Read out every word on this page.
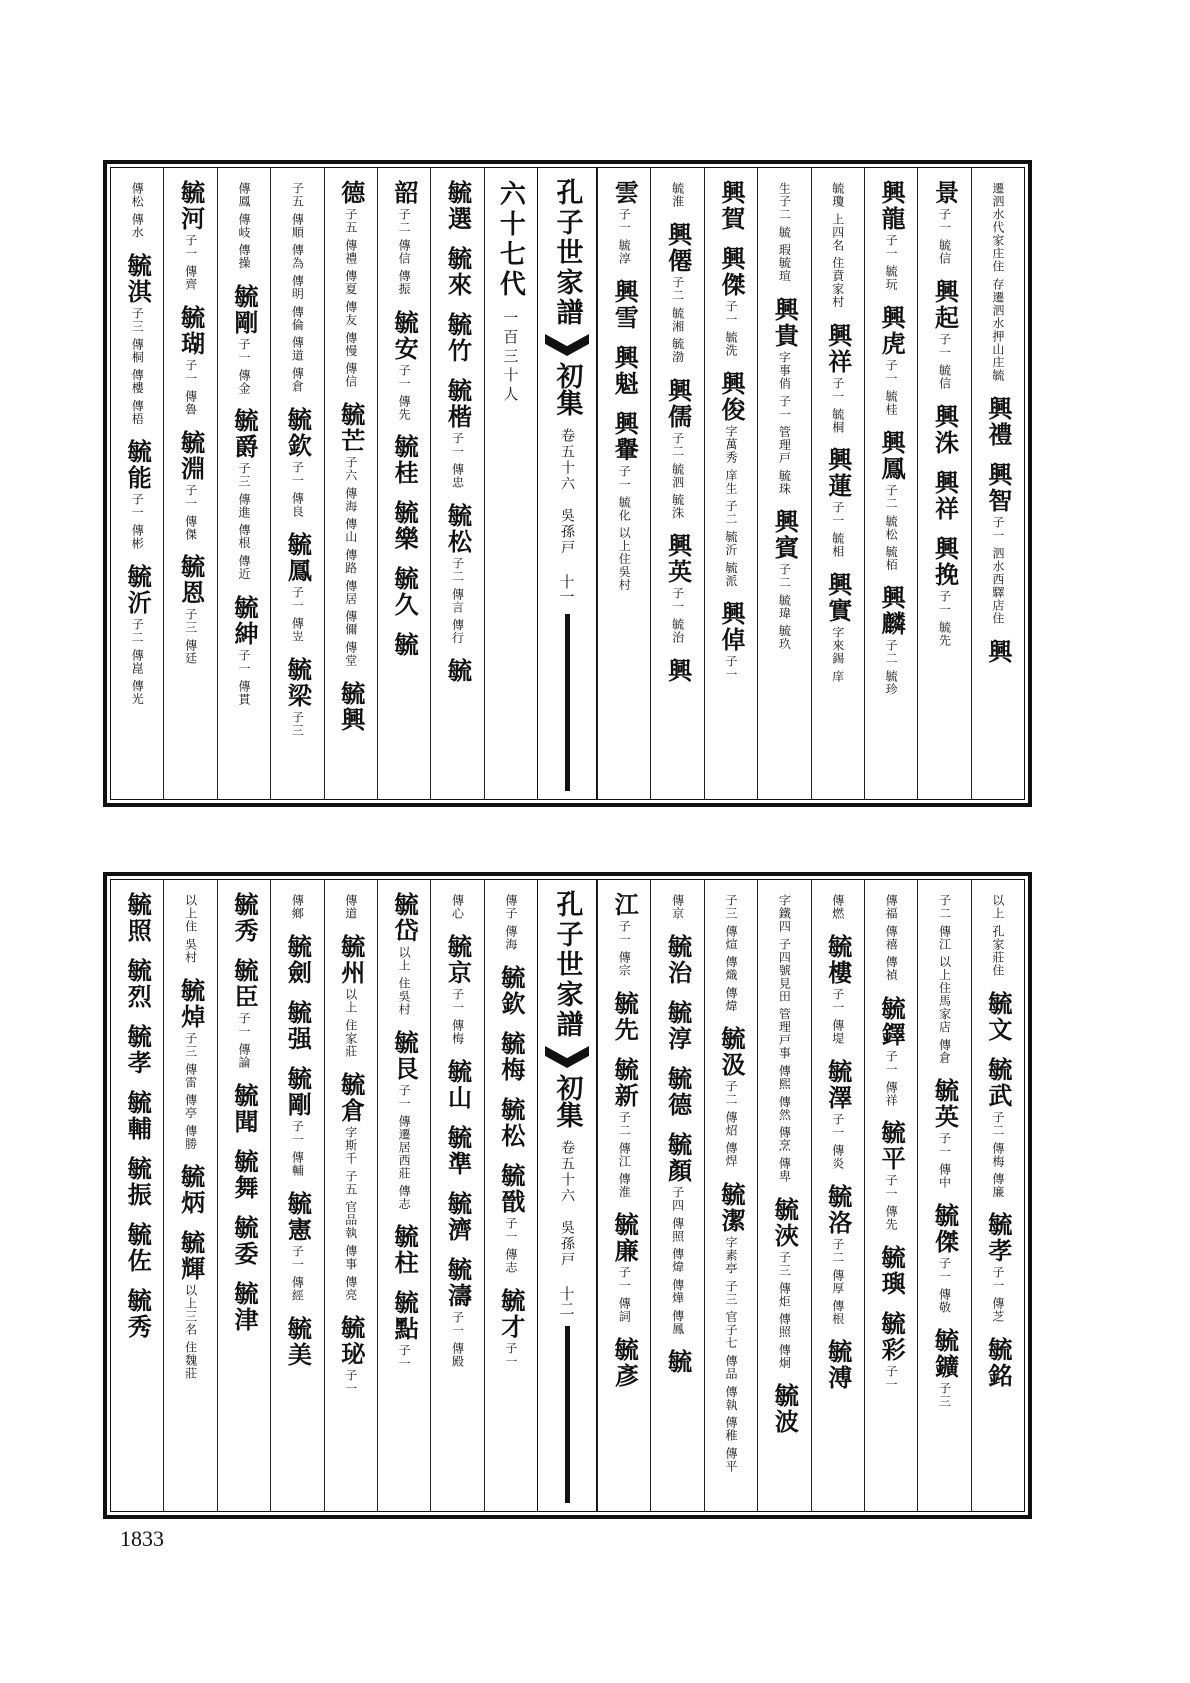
遷泗水代家庄住 存遷泗水押山庄毓
興禮
興智子一 泗水西驛店住
興
景子一 毓信
興起子一 毓信
興洙
興祥
興挽子一 毓先
興龍子一 毓玩
興虎子一 毓桂
興鳳子二 毓松 毓栢
興麟子二 毓珍
毓瓊 上四名 住賁家村
興祥子一 毓桐
興蓮子一 毓相
興實字來錫 庠
生子二 毓 瑕毓瑄
興貴字事俏 子一 管理戸 毓珠
興賓子二 毓瑋 毓玖
興賀
興傑子一 毓洗
興俊字萬秀 庠生 子二 毓沂 毓派
興倬子一
毓淮
興僊子二 毓湘 毓渤
興儒子二 毓泗 毓洙
興英子一 毓治
興
雲子一 毓淳
興雪
興魁
興轝子一 毓化 以上住吳村
孔子世家譜
初集
卷五十六　吳孫戸
十一
六十七代
一百三十人
毓選
毓來
毓竹
毓楷子一 傳忠
毓松子二 傳言 傳行
毓
韶子二 傳信 傳振
毓安子一 傳先
毓桂
毓樂
毓久
毓
德子五 傳禮 傳夏 傳友 傳慢 傳信
毓芒子六 傳海 傳山 傳路 傳居 傳儞 傳堂
毓興
子五 傳順 傳為 傳明 傳倫 傳道 傳倉
毓欽子一 傳良
毓鳳子一 傳岦
毓梁子三
傳鳳 傳岐 傳操
毓剛子一 傳金
毓爵子三 傳進 傳根 傳近
毓紳子一 傳貫
毓河子一 傳齊
毓瑚子一 傳魯
毓淵子一 傳傑
毓恩子三 傳廷
傳松 傳水
毓淇子三 傳桐 傳樓 傳梧
毓能子一 傳彬
毓沂子二 傳崑 傳光
以上 孔家莊住
毓文
毓武子二 傳梅 傳廉
毓孝子一 傳芝
毓銘
子二 傳江 以上住馬家店 傳倉
毓英子一 傳中
毓傑子一 傳敬
毓鑛子三
傳福 傳禧 傳禎
毓鐸子一 傳祥
毓平子一 傳先
毓璵
毓彩子一
傳燃
毓樓子一 傳堤
毓澤子一 傳炎
毓洛子二 傳厚 傳根
毓溥
字鐵四 子四號見田 管理戸事 傳熙 傳然 傳烹 傳卑
毓浹子三 傳炬 傳照 傳炯
毓波
子三 傳煊 傳熾 傳煒
毓汲子二 傳炤 傳焊
毓潔字素亭 子三 官子七 傳品 傳執 傳稚 傳平
傳京
毓治
毓淳
毓德
毓顏子四 傳照 傳煒 傳燁 傳鳳
毓
江子一 傳宗
毓先
毓新子二 傳江 傳淮
毓廉子一 傳詞
毓彥
孔子世家譜
初集
卷五十六　吳孫戸
十二
傳子 傳海
毓欽
毓梅
毓松
毓戩子一 傳志
毓才子一
傳心
毓京子一 傳梅
毓山
毓準
毓濟
毓濤子一 傳殿
毓岱以上 住吳村
毓艮子一 傳遷居西莊 傳志
毓柱
毓點子一
傳道
毓州以上 住家莊
毓倉字斯千 子五 官品執 傳事 傳亮
毓珌子一
傳鄉
毓劍
毓强
毓剛子一 傳輔
毓憲子一 傳經
毓美
毓秀
毓臣子一 傳論
毓聞
毓舞
毓委
毓津
以上住 吳村
毓焯子三 傳雷 傳亭 傳勝
毓炳
毓輝以上三名 住魏莊
毓照
毓烈
毓孝
毓輔
毓振
毓佐
毓秀
1833
